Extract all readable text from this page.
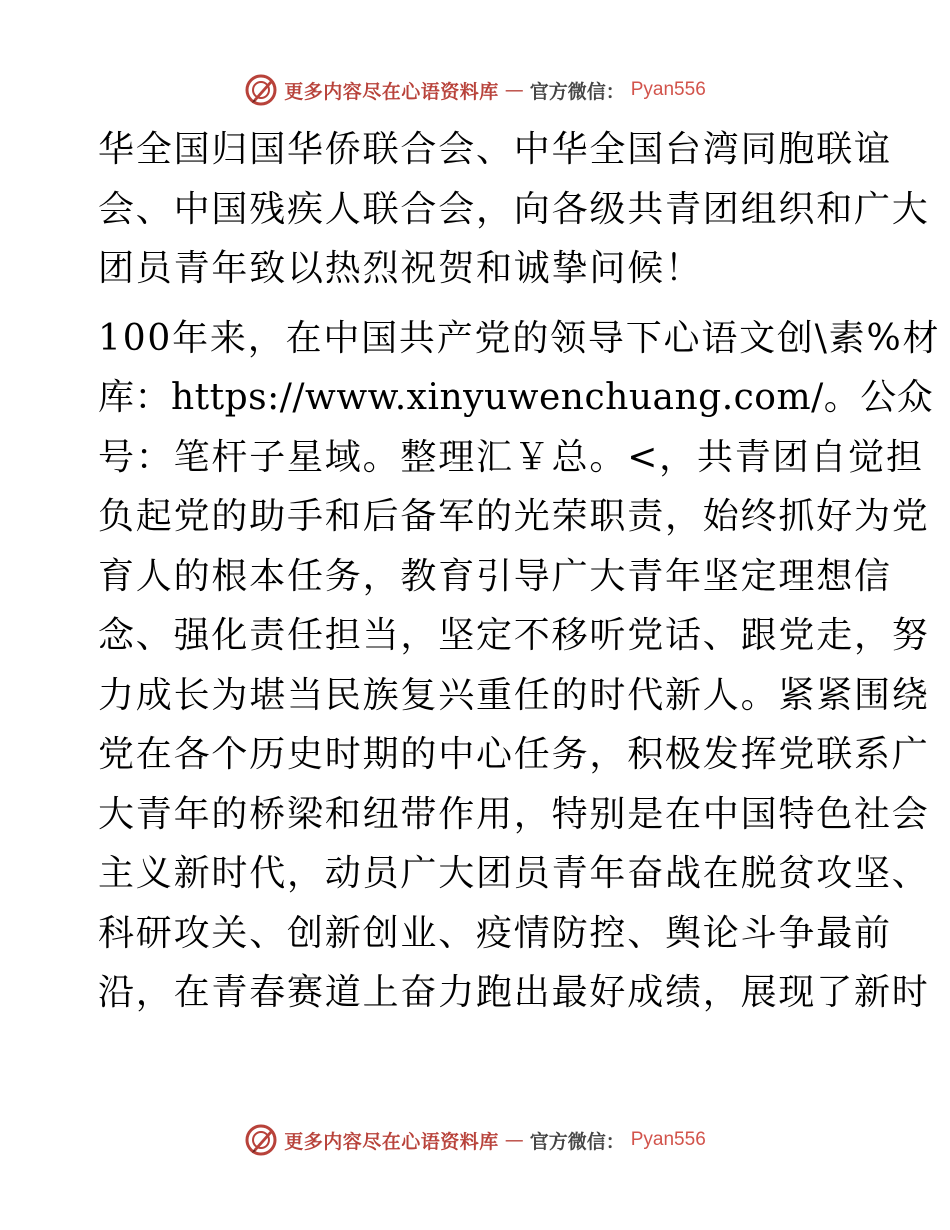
更多内容尽在心语资料库 — 官方微信： Pyan556
华全国归国华侨联合会、中华全国台湾同胞联谊
会、中国残疾人联合会，向各级共青团组织和广大
团员青年致以热烈祝贺和诚挚问候！
100年来，在中国共产党的领导下心语文创\素%材
库：https://www.xinyuwenchuang.com/。公众
号：笔杆子星域。整理汇￥总。<，共青团自觉担
负起党的助手和后备军的光荣职责，始终抓好为党
育人的根本任务，教育引导广大青年坚定理想信
念、强化责任担当，坚定不移听党话、跟党走，努
力成长为堪当民族复兴重任的时代新人。紧紧围绕
党在各个历史时期的中心任务，积极发挥党联系广
大青年的桥梁和纽带作用，特别是在中国特色社会
主义新时代，动员广大团员青年奋战在脱贫攻坚、
科研攻关、创新创业、疫情防控、舆论斗争最前
沿，在青春赛道上奋力跑出最好成绩，展现了新时
更多内容尽在心语资料库 — 官方微信： Pyan556
